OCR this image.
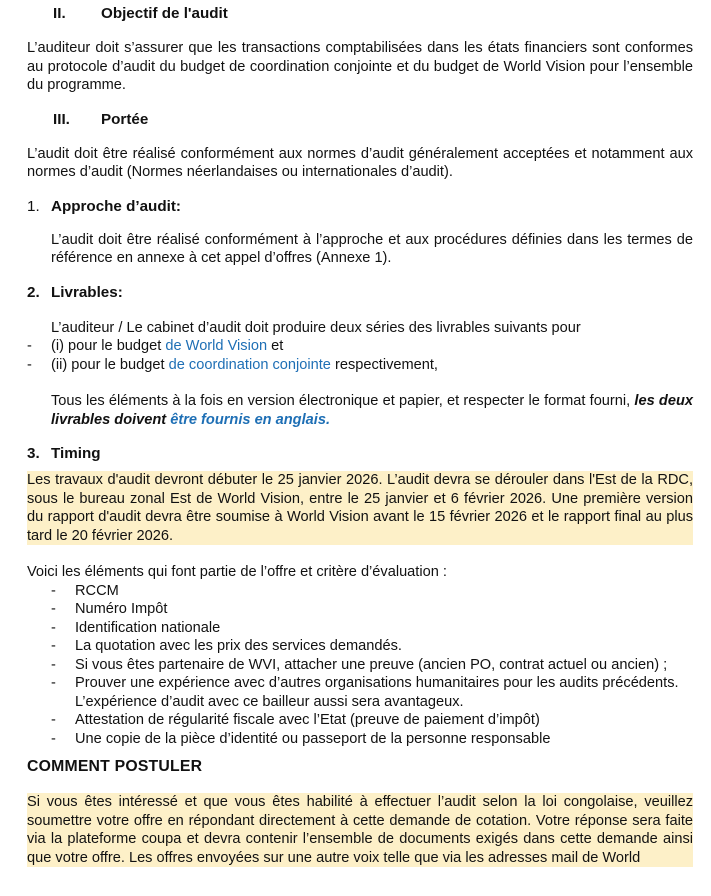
II.	Objectif de l'audit

L’auditeur doit s’assurer que les transactions comptabilisées dans les états financiers sont conformes au protocole d’audit du budget de coordination conjointe et du budget de World Vision pour l’ensemble du programme.

III.	Portée

L’audit doit être réalisé conformément aux normes d’audit généralement acceptées et notamment aux normes d’audit (Normes néerlandaises ou internationales d’audit).

1. Approche d’audit:

L’audit doit être réalisé conformément à l’approche et aux procédures définies dans les termes de référence en annexe à cet appel d’offres (Annexe 1).

2. Livrables:

L’auditeur / Le cabinet d’audit doit produire deux séries des livrables suivants pour

-	(i) pour le budget de World Vision et
-	(ii) pour le budget de coordination conjointe respectivement,

Tous les éléments à la fois en version électronique et papier, et respecter le format fourni, les deux livrables doivent être fournis en anglais.

3. Timing

Les travaux d'audit devront débuter le 25 janvier 2026. L’audit devra se dérouler dans l'Est de la RDC, sous le bureau zonal Est de World Vision, entre le 25 janvier et 6 février 2026. Une première version du rapport d'audit devra être soumise à World Vision avant le 15 février 2026 et le rapport final au plus tard le 20 février 2026.

Voici les éléments qui font partie de l’offre et critère d’évaluation :

-	RCCM
-	Numéro Impôt
-	Identification nationale
-	La quotation avec les prix des services demandés.
-	Si vous êtes partenaire de WVI, attacher une preuve (ancien PO, contrat actuel ou ancien) ;
-	Prouver une expérience avec d’autres organisations humanitaires pour les audits précédents. L’expérience d’audit avec ce bailleur aussi sera avantageux.
-	Attestation de régularité fiscale avec l’Etat (preuve de paiement d’impôt)
-	Une copie de la pièce d’identité ou passeport de la personne responsable
COMMENT POSTULER

Si vous êtes intéressé et que vous êtes habilité à effectuer l’audit selon la loi congolaise, veuillez soumettre votre offre en répondant directement à cette demande de cotation. Votre réponse sera faite via la plateforme coupa et devra contenir l’ensemble de documents exigés dans cette demande ainsi que votre offre. Les offres envoyées sur une autre voix telle que via les adresses mail de World
